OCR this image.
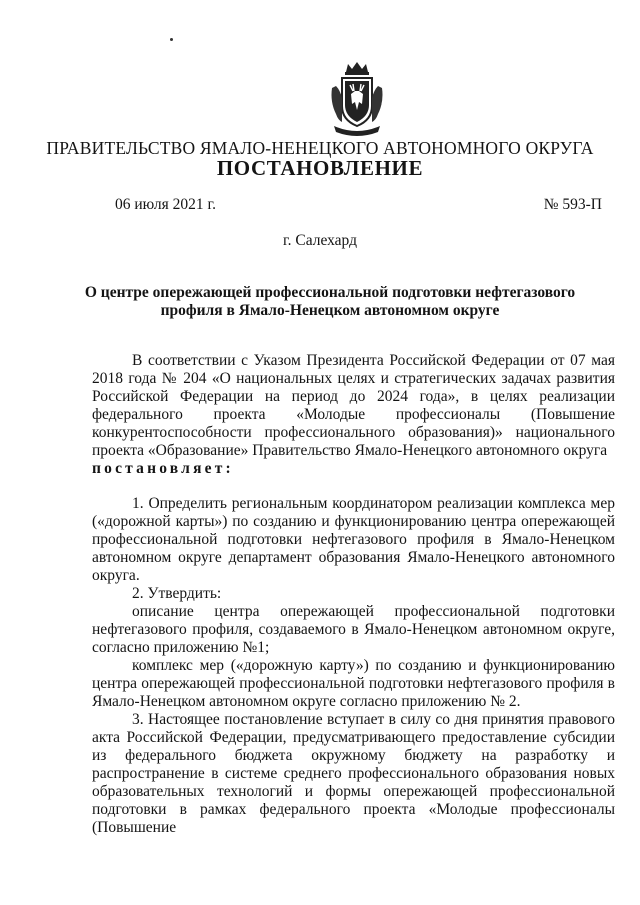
ПРАВИТЕЛЬСТВО ЯМАЛО-НЕНЕЦКОГО АВТОНОМНОГО ОКРУГА
ПОСТАНОВЛЕНИЕ
06 июля 2021 г.	№ 593-П
г. Салехард
О центре опережающей профессиональной подготовки нефтегазового профиля в Ямало-Ненецком автономном округе

В соответствии с Указом Президента Российской Федерации от 07 мая 2018 года № 204 «О национальных целях и стратегических задачах развития Российской Федерации на период до 2024 года», в целях реализации федерального проекта «Молодые профессионалы (Повышение конкурентоспособности профессионального образования)» национального проекта «Образование» Правительство Ямало-Ненецкого автономного округа

постановляет:

1. Определить региональным координатором реализации комплекса мер («дорожной карты») по созданию и функционированию центра опережающей профессиональной подготовки нефтегазового профиля в Ямало-Ненецком автономном округе департамент образования Ямало-Ненецкого автономного округа.

2. Утвердить:

описание центра опережающей профессиональной подготовки нефтегазового профиля, создаваемого в Ямало-Ненецком автономном округе, согласно приложению №1;

комплекс мер («дорожную карту») по созданию и функционированию центра опережающей профессиональной подготовки нефтегазового профиля в Ямало-Ненецком автономном округе согласно приложению № 2.

3. Настоящее постановление вступает в силу со дня принятия правового акта Российской Федерации, предусматривающего предоставление субсидии из федерального бюджета окружному бюджету на разработку и распространение в системе среднего профессионального образования новых образовательных технологий и формы опережающей профессиональной подготовки в рамках федерального проекта «Молодые профессионалы (Повышение
